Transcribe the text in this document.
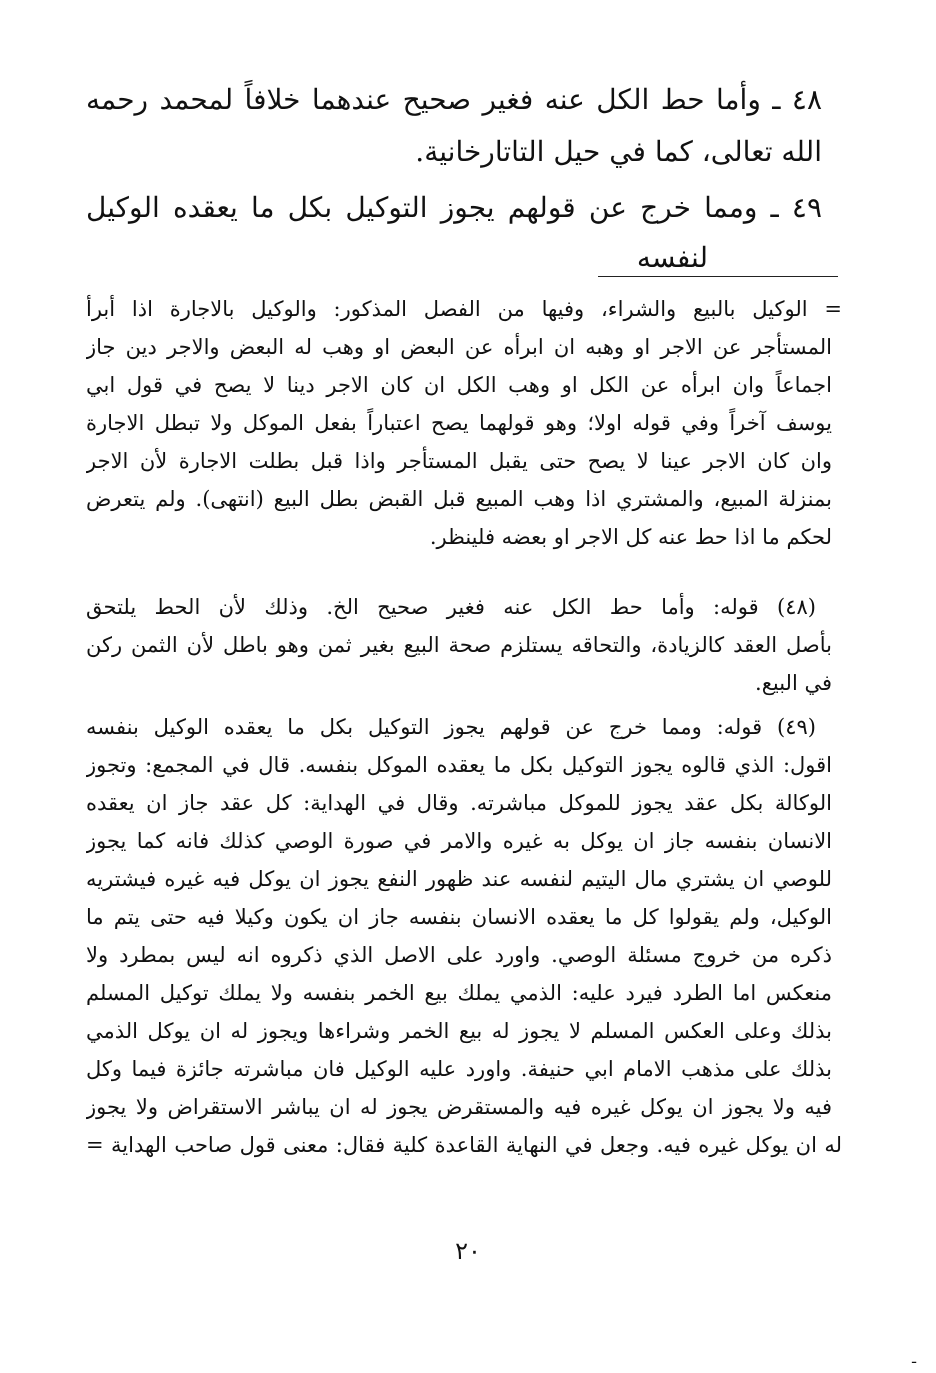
٤٨ ـ وأما حط الكل عنه فغير صحيح عندهما خلافاً لمحمد رحمه
الله تعالى، كما في حيل التاتارخانية.
٤٩ ـ ومما خرج عن قولهم يجوز التوكيل بكل ما يعقده الوكيل
لنفسه
= الوكيل بالبيع والشراء، وفيها من الفصل المذكور: والوكيل بالاجارة اذا أبرأ
المستأجر عن الاجر او وهبه ان ابرأه عن البعض او وهب له البعض والاجر دين جاز
اجماعاً وان ابرأه عن الكل او وهب الكل ان كان الاجر دينا لا يصح في قول ابي
يوسف آخراً وفي قوله اولا؛ وهو قولهما يصح اعتباراً بفعل الموكل ولا تبطل الاجارة
وان كان الاجر عينا لا يصح حتى يقبل المستأجر واذا قبل بطلت الاجارة لأن الاجر
بمنزلة المبيع، والمشتري اذا وهب المبيع قبل القبض بطل البيع (انتهى). ولم يتعرض
لحكم ما اذا حط عنه كل الاجر او بعضه فلينظر.
(٤٨) قوله: وأما حط الكل عنه فغير صحيح الخ. وذلك لأن الحط يلتحق
بأصل العقد كالزيادة، والتحاقه يستلزم صحة البيع بغير ثمن وهو باطل لأن الثمن ركن
في البيع.
(٤٩) قوله: ومما خرج عن قولهم يجوز التوكيل بكل ما يعقده الوكيل بنفسه
اقول: الذي قالوه يجوز التوكيل بكل ما يعقده الموكل بنفسه. قال في المجمع: وتجوز
الوكالة بكل عقد يجوز للموكل مباشرته. وقال في الهداية: كل عقد جاز ان يعقده
الانسان بنفسه جاز ان يوكل به غيره والامر في صورة الوصي كذلك فانه كما يجوز
للوصي ان يشتري مال اليتيم لنفسه عند ظهور النفع يجوز ان يوكل فيه غيره فيشتريه
الوكيل، ولم يقولوا كل ما يعقده الانسان بنفسه جاز ان يكون وكيلا فيه حتى يتم ما
ذكره من خروج مسئلة الوصي. واورد على الاصل الذي ذكروه انه ليس بمطرد ولا
منعكس اما الطرد فيرد عليه: الذمي يملك بيع الخمر بنفسه ولا يملك توكيل المسلم
بذلك وعلى العكس المسلم لا يجوز له بيع الخمر وشراءها ويجوز له ان يوكل الذمي
بذلك على مذهب الامام ابي حنيفة. واورد عليه الوكيل فان مباشرته جائزة فيما وكل
فيه ولا يجوز ان يوكل غيره فيه والمستقرض يجوز له ان يباشر الاستقراض ولا يجوز
له ان يوكل غيره فيه. وجعل في النهاية القاعدة كلية فقال: معنى قول صاحب الهداية =
٢٠
ـ
